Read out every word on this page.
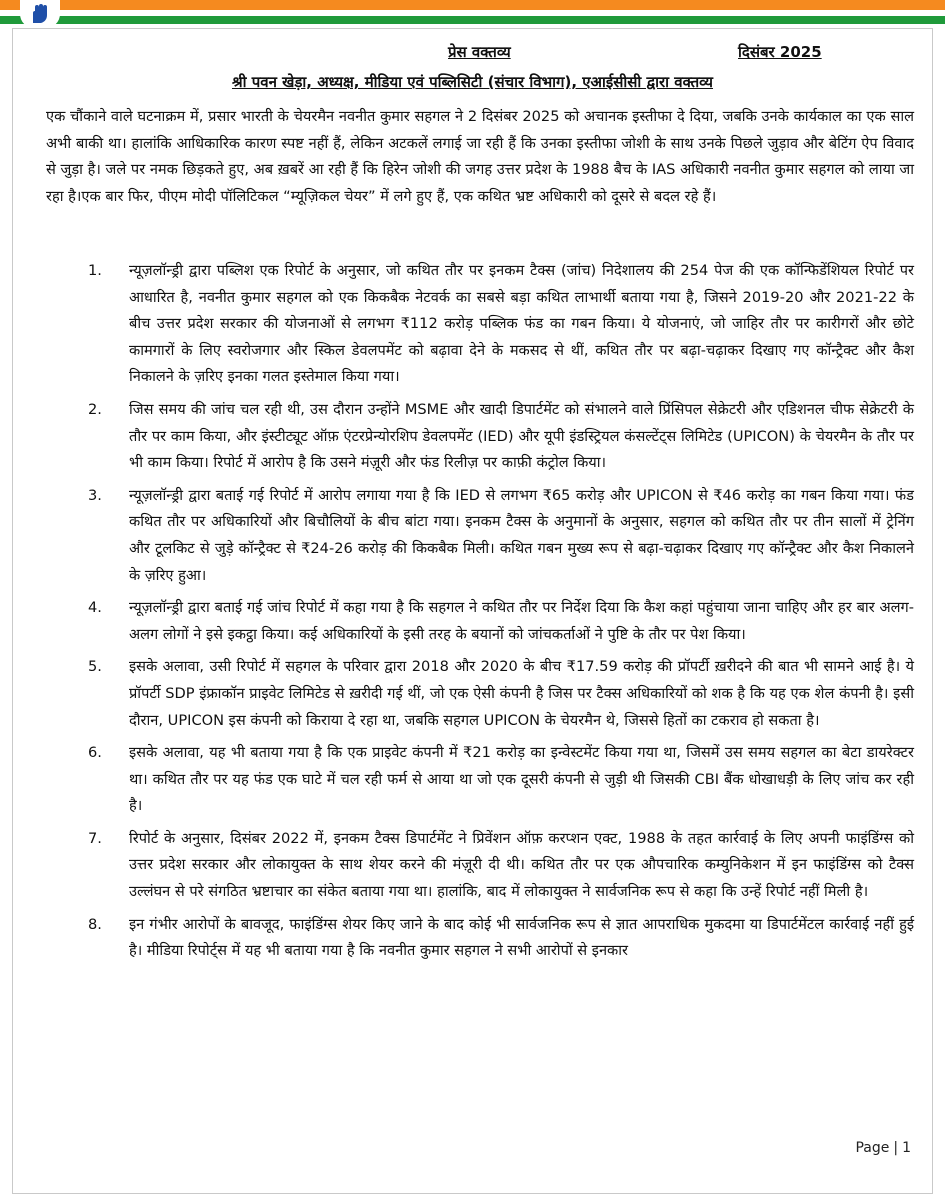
प्रेस वक्तव्य	दिसंबर 2025
श्री पवन खेड़ा, अध्यक्ष, मीडिया एवं पब्लिसिटी (संचार विभाग), एआईसीसी द्वारा वक्तव्य

एक चौंकाने वाले घटनाक्रम में, प्रसार भारती के चेयरमैन नवनीत कुमार सहगल ने 2 दिसंबर 2025 को अचानक इस्तीफा दे दिया, जबकि उनके कार्यकाल का एक साल अभी बाकी था। हालांकि आधिकारिक कारण स्पष्ट नहीं हैं, लेकिन अटकलें लगाई जा रही हैं कि उनका इस्तीफा जोशी के साथ उनके पिछले जुड़ाव और बेटिंग ऐप विवाद से जुड़ा है। जले पर नमक छिड़कते हुए, अब ख़बरें आ रही हैं कि हिरेन जोशी की जगह उत्तर प्रदेश के 1988 बैच के IAS अधिकारी नवनीत कुमार सहगल को लाया जा रहा है।एक बार फिर, पीएम मोदी पॉलिटिकल “म्यूज़िकल चेयर” में लगे हुए हैं, एक कथित भ्रष्ट अधिकारी को दूसरे से बदल रहे हैं।

1.	न्यूज़लॉन्ड्री द्वारा पब्लिश एक रिपोर्ट के अनुसार, जो कथित तौर पर इनकम टैक्स (जांच) निदेशालय की 254 पेज की एक कॉन्फिडेंशियल रिपोर्ट पर आधारित है, नवनीत कुमार सहगल को एक किकबैक नेटवर्क का सबसे बड़ा कथित लाभार्थी बताया गया है, जिसने 2019-20 और 2021-22 के बीच उत्तर प्रदेश सरकार की योजनाओं से लगभग ₹112 करोड़ पब्लिक फंड का गबन किया। ये योजनाएं, जो जाहिर तौर पर कारीगरों और छोटे कामगारों के लिए स्वरोजगार और स्किल डेवलपमेंट को बढ़ावा देने के मकसद से थीं, कथित तौर पर बढ़ा-चढ़ाकर दिखाए गए कॉन्ट्रैक्ट और कैश निकालने के ज़रिए इनका गलत इस्तेमाल किया गया।
2.	जिस समय की जांच चल रही थी, उस दौरान उन्होंने MSME और खादी डिपार्टमेंट को संभालने वाले प्रिंसिपल सेक्रेटरी और एडिशनल चीफ सेक्रेटरी के तौर पर काम किया, और इंस्टीट्यूट ऑफ़ एंटरप्रेन्योरशिप डेवलपमेंट (IED) और यूपी इंडस्ट्रियल कंसल्टेंट्स लिमिटेड (UPICON) के चेयरमैन के तौर पर भी काम किया। रिपोर्ट में आरोप है कि उसने मंज़ूरी और फंड रिलीज़ पर काफ़ी कंट्रोल किया।
3.	न्यूज़लॉन्ड्री द्वारा बताई गई रिपोर्ट में आरोप लगाया गया है कि IED से लगभग ₹65 करोड़ और UPICON से ₹46 करोड़ का गबन किया गया। फंड कथित तौर पर अधिकारियों और बिचौलियों के बीच बांटा गया। इनकम टैक्स के अनुमानों के अनुसार, सहगल को कथित तौर पर तीन सालों में ट्रेनिंग और टूलकिट से जुड़े कॉन्ट्रैक्ट से ₹24-26 करोड़ की किकबैक मिली। कथित गबन मुख्य रूप से बढ़ा-चढ़ाकर दिखाए गए कॉन्ट्रैक्ट और कैश निकालने के ज़रिए हुआ।
4.	न्यूज़लॉन्ड्री द्वारा बताई गई जांच रिपोर्ट में कहा गया है कि सहगल ने कथित तौर पर निर्देश दिया कि कैश कहां पहुंचाया जाना चाहिए और हर बार अलग-अलग लोगों ने इसे इकट्ठा किया। कई अधिकारियों के इसी तरह के बयानों को जांचकर्ताओं ने पुष्टि के तौर पर पेश किया।
5.	इसके अलावा, उसी रिपोर्ट में सहगल के परिवार द्वारा 2018 और 2020 के बीच ₹17.59 करोड़ की प्रॉपर्टी ख़रीदने की बात भी सामने आई है। ये प्रॉपर्टी SDP इंफ्राकॉन प्राइवेट लिमिटेड से ख़रीदी गई थीं, जो एक ऐसी कंपनी है जिस पर टैक्स अधिकारियों को शक है कि यह एक शेल कंपनी है। इसी दौरान, UPICON इस कंपनी को किराया दे रहा था, जबकि सहगल UPICON के चेयरमैन थे, जिससे हितों का टकराव हो सकता है।
6.	इसके अलावा, यह भी बताया गया है कि एक प्राइवेट कंपनी में ₹21 करोड़ का इन्वेस्टमेंट किया गया था, जिसमें उस समय सहगल का बेटा डायरेक्टर था। कथित तौर पर यह फंड एक घाटे में चल रही फर्म से आया था जो एक दूसरी कंपनी से जुड़ी थी जिसकी CBI बैंक धोखाधड़ी के लिए जांच कर रही है।
7.	रिपोर्ट के अनुसार, दिसंबर 2022 में, इनकम टैक्स डिपार्टमेंट ने प्रिवेंशन ऑफ़ करप्शन एक्ट, 1988 के तहत कार्रवाई के लिए अपनी फाइंडिंग्स को उत्तर प्रदेश सरकार और लोकायुक्त के साथ शेयर करने की मंज़ूरी दी थी। कथित तौर पर एक औपचारिक कम्युनिकेशन में इन फाइंडिंग्स को टैक्स उल्लंघन से परे संगठित भ्रष्टाचार का संकेत बताया गया था। हालांकि, बाद में लोकायुक्त ने सार्वजनिक रूप से कहा कि उन्हें रिपोर्ट नहीं मिली है।
8.	इन गंभीर आरोपों के बावजूद, फाइंडिंग्स शेयर किए जाने के बाद कोई भी सार्वजनिक रूप से ज्ञात आपराधिक मुकदमा या डिपार्टमेंटल कार्रवाई नहीं हुई है। मीडिया रिपोर्ट्स में यह भी बताया गया है कि नवनीत कुमार सहगल ने सभी आरोपों से इनकार
Page | 1
